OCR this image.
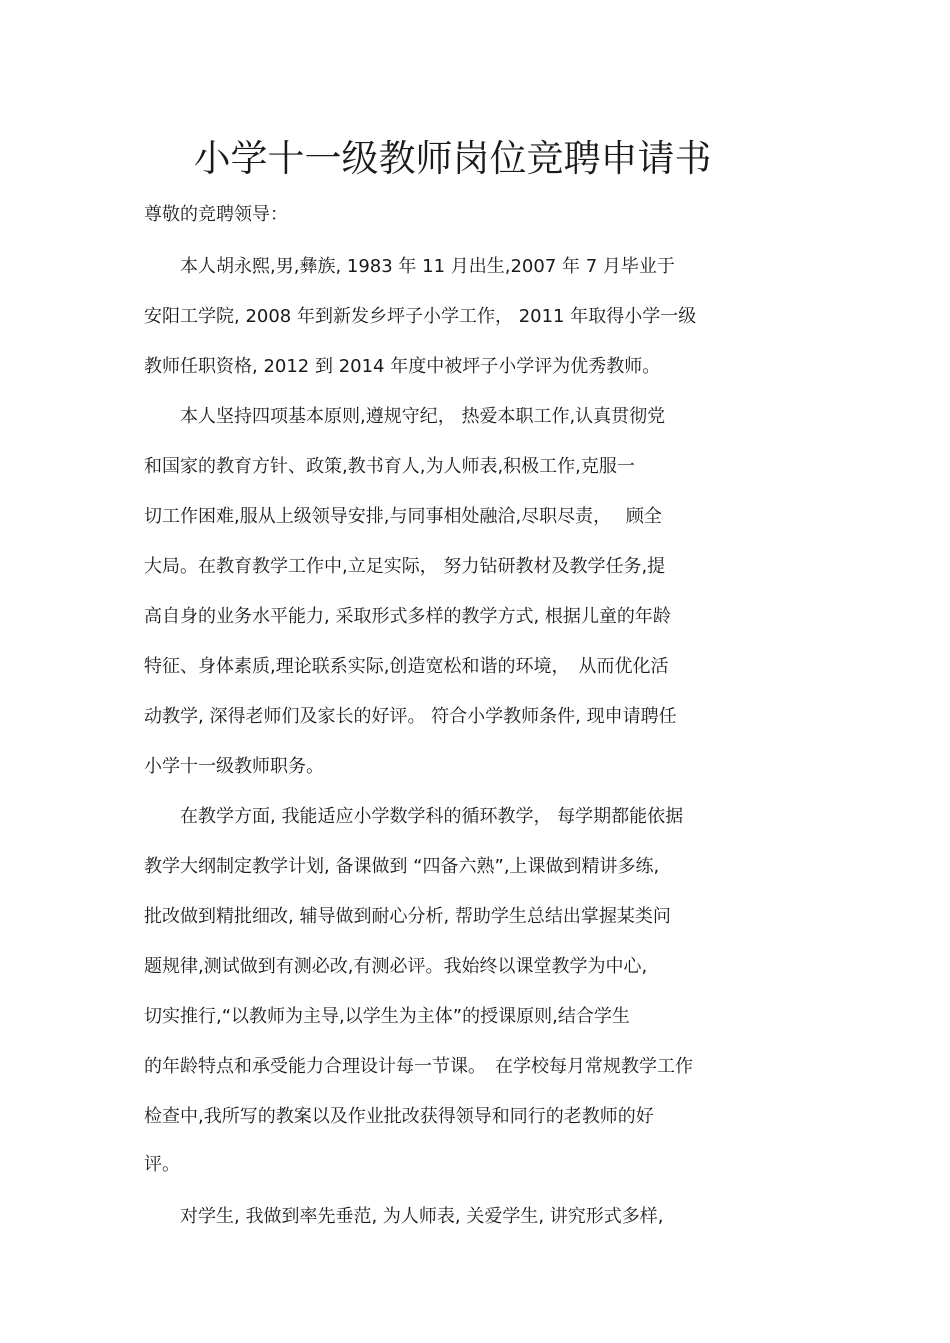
小学十一级教师岗位竞聘申请书

尊敬的竞聘领导：

　　本人胡永熙,男,彝族, 1983 年 11 月出生,2007 年 7 月毕业于

安阳工学院, 2008 年到新发乡坪子小学工作， 2011 年取得小学一级

教师任职资格, 2012 到 2014 年度中被坪子小学评为优秀教师。

　　本人坚持四项基本原则,遵规守纪， 热爱本职工作,认真贯彻党

和国家的教育方针、政策,教书育人,为人师表,积极工作,克服一

切工作困难,服从上级领导安排,与同事相处融洽,尽职尽责，　 顾全

大局。在教育教学工作中,立足实际， 努力钻研教材及教学任务,提

高自身的业务水平能力, 采取形式多样的教学方式, 根据儿童的年龄

特征、身体素质,理论联系实际,创造宽松和谐的环境，　从而优化活

动教学, 深得老师们及家长的好评。 符合小学教师条件, 现申请聘任

小学十一级教师职务。

　　在教学方面, 我能适应小学数学科的循环教学， 每学期都能依据

教学大纲制定教学计划, 备课做到 “四备六熟”,上课做到精讲多练,

批改做到精批细改, 辅导做到耐心分析, 帮助学生总结出掌握某类问

题规律,测试做到有测必改,有测必评。我始终以课堂教学为中心,

切实推行,“以教师为主导,以学生为主体”的授课原则,结合学生

的年龄特点和承受能力合理设计每一节课。　在学校每月常规教学工作

检查中,我所写的教案以及作业批改获得领导和同行的老教师的好

评。

　　对学生, 我做到率先垂范, 为人师表, 关爱学生, 讲究形式多样,
